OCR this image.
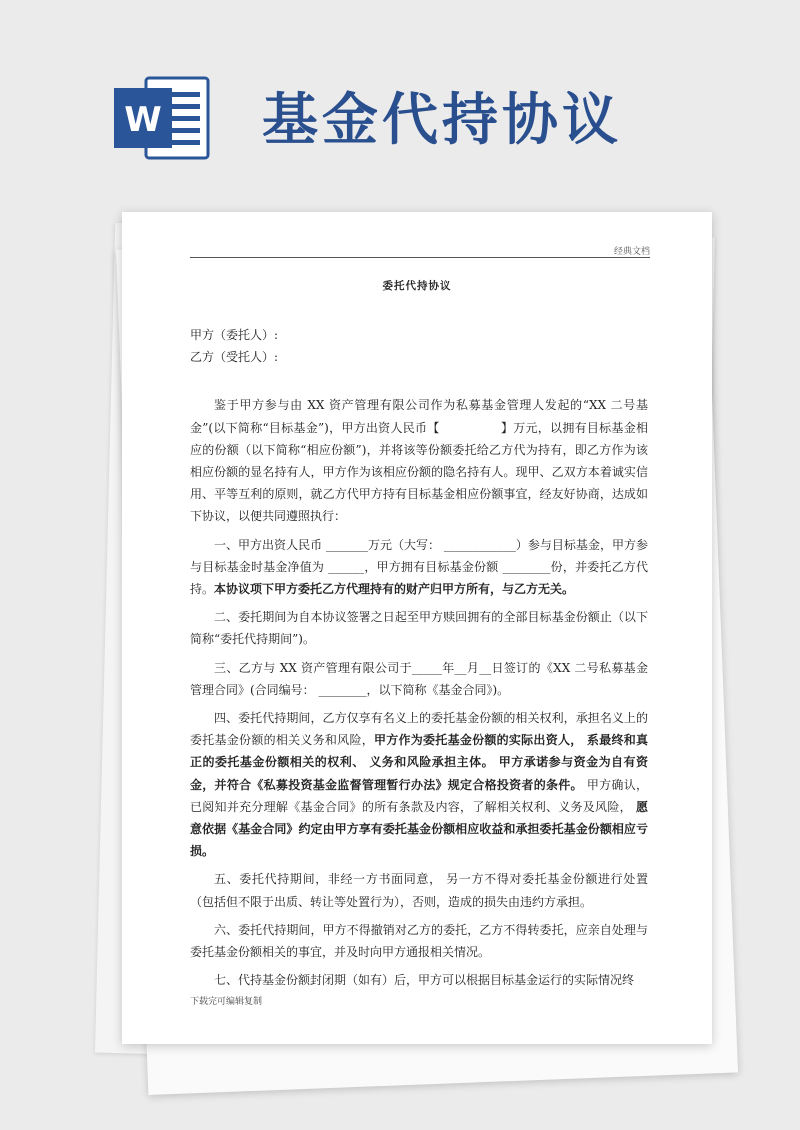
W 基金代持协议
经典文档
委托代持协议

甲方（委托人）:

乙方（受托人）:

鉴于甲方参与由 XX 资产管理有限公司作为私募基金管理人发起的“XX 二号基金”(以下简称“目标基金”)，甲方出资人民币【　　　　　】万元，以拥有目标基金相应的份额（以下简称“相应份额”)，并将该等份额委托给乙方代为持有，即乙方作为该相应份额的显名持有人，甲方作为该相应份额的隐名持有人。现甲、乙双方本着诚实信用、平等互利的原则，就乙方代甲方持有目标基金相应份额事宜，经友好协商，达成如下协议，以便共同遵照执行：

一、甲方出资人民币 _______万元（大写： ____________）参与目标基金，甲方参与目标基金时基金净值为 ______，甲方拥有目标基金份额 ________份，并委托乙方代持。本协议项下甲方委托乙方代理持有的财产归甲方所有，与乙方无关。

二、委托期间为自本协议签署之日起至甲方赎回拥有的全部目标基金份额止（以下简称“委托代持期间”)。

三、乙方与 XX 资产管理有限公司于_____年__月__日签订的《XX 二号私募基金管理合同》(合同编号： ________，以下简称《基金合同》)。

四、委托代持期间，乙方仅享有名义上的委托基金份额的相关权利，承担名义上的委托基金份额的相关义务和风险，甲方作为委托基金份额的实际出资人， 系最终和真正的委托基金份额相关的权利、 义务和风险承担主体。 甲方承诺参与资金为自有资金，并符合《私募投资基金监督管理暂行办法》规定合格投资者的条件。 甲方确认，已阅知并充分理解《基金合同》的所有条款及内容，了解相关权利、义务及风险， 愿意依据《基金合同》约定由甲方享有委托基金份额相应收益和承担委托基金份额相应亏损。

五、委托代持期间，非经一方书面同意， 另一方不得对委托基金份额进行处置 （包括但不限于出质、转让等处置行为），否则，造成的损失由违约方承担。

六、委托代持期间，甲方不得撤销对乙方的委托，乙方不得转委托，应亲自处理与委托基金份额相关的事宜，并及时向甲方通报相关情况。

七、代持基金份额封闭期（如有）后，甲方可以根据目标基金运行的实际情况终

下载完可编辑复制
